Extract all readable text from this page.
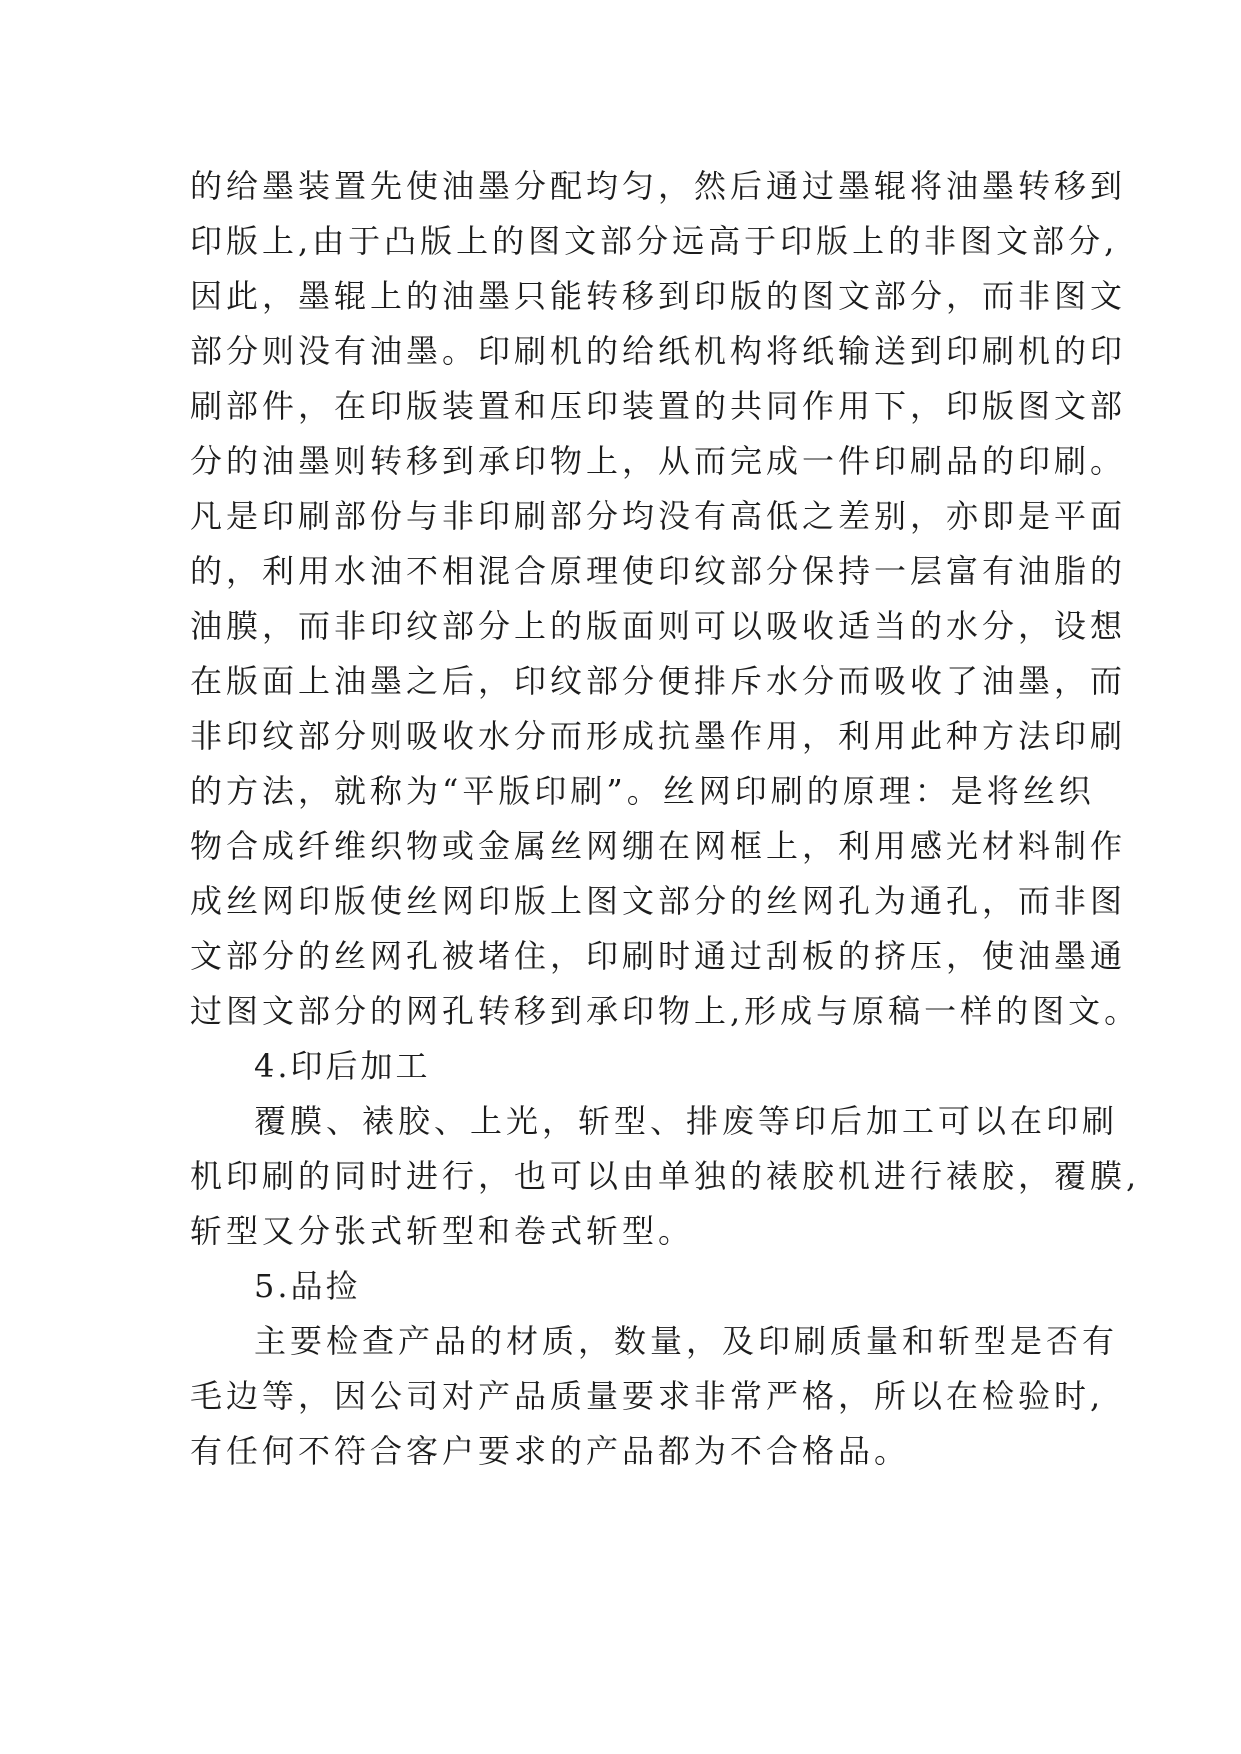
的给墨装置先使油墨分配均匀，然后通过墨辊将油墨转移到
印版上,由于凸版上的图文部分远高于印版上的非图文部分,
因此，墨辊上的油墨只能转移到印版的图文部分，而非图文
部分则没有油墨。印刷机的给纸机构将纸输送到印刷机的印
刷部件，在印版装置和压印装置的共同作用下，印版图文部
分的油墨则转移到承印物上，从而完成一件印刷品的印刷。
凡是印刷部份与非印刷部分均没有高低之差别，亦即是平面
的，利用水油不相混合原理使印纹部分保持一层富有油脂的
油膜，而非印纹部分上的版面则可以吸收适当的水分，设想
在版面上油墨之后，印纹部分便排斥水分而吸收了油墨，而
非印纹部分则吸收水分而形成抗墨作用，利用此种方法印刷
的方法，就称为“平版印刷”。丝网印刷的原理：是将丝织
物合成纤维织物或金属丝网绷在网框上，利用感光材料制作
成丝网印版使丝网印版上图文部分的丝网孔为通孔，而非图
文部分的丝网孔被堵住，印刷时通过刮板的挤压，使油墨通
过图文部分的网孔转移到承印物上,形成与原稿一样的图文。
4.印后加工
覆膜、裱胶、上光，斩型、排废等印后加工可以在印刷
机印刷的同时进行，也可以由单独的裱胶机进行裱胶，覆膜,
斩型又分张式斩型和卷式斩型。
5.品捡
主要检查产品的材质，数量，及印刷质量和斩型是否有
毛边等，因公司对产品质量要求非常严格，所以在检验时,
有任何不符合客户要求的产品都为不合格品。
